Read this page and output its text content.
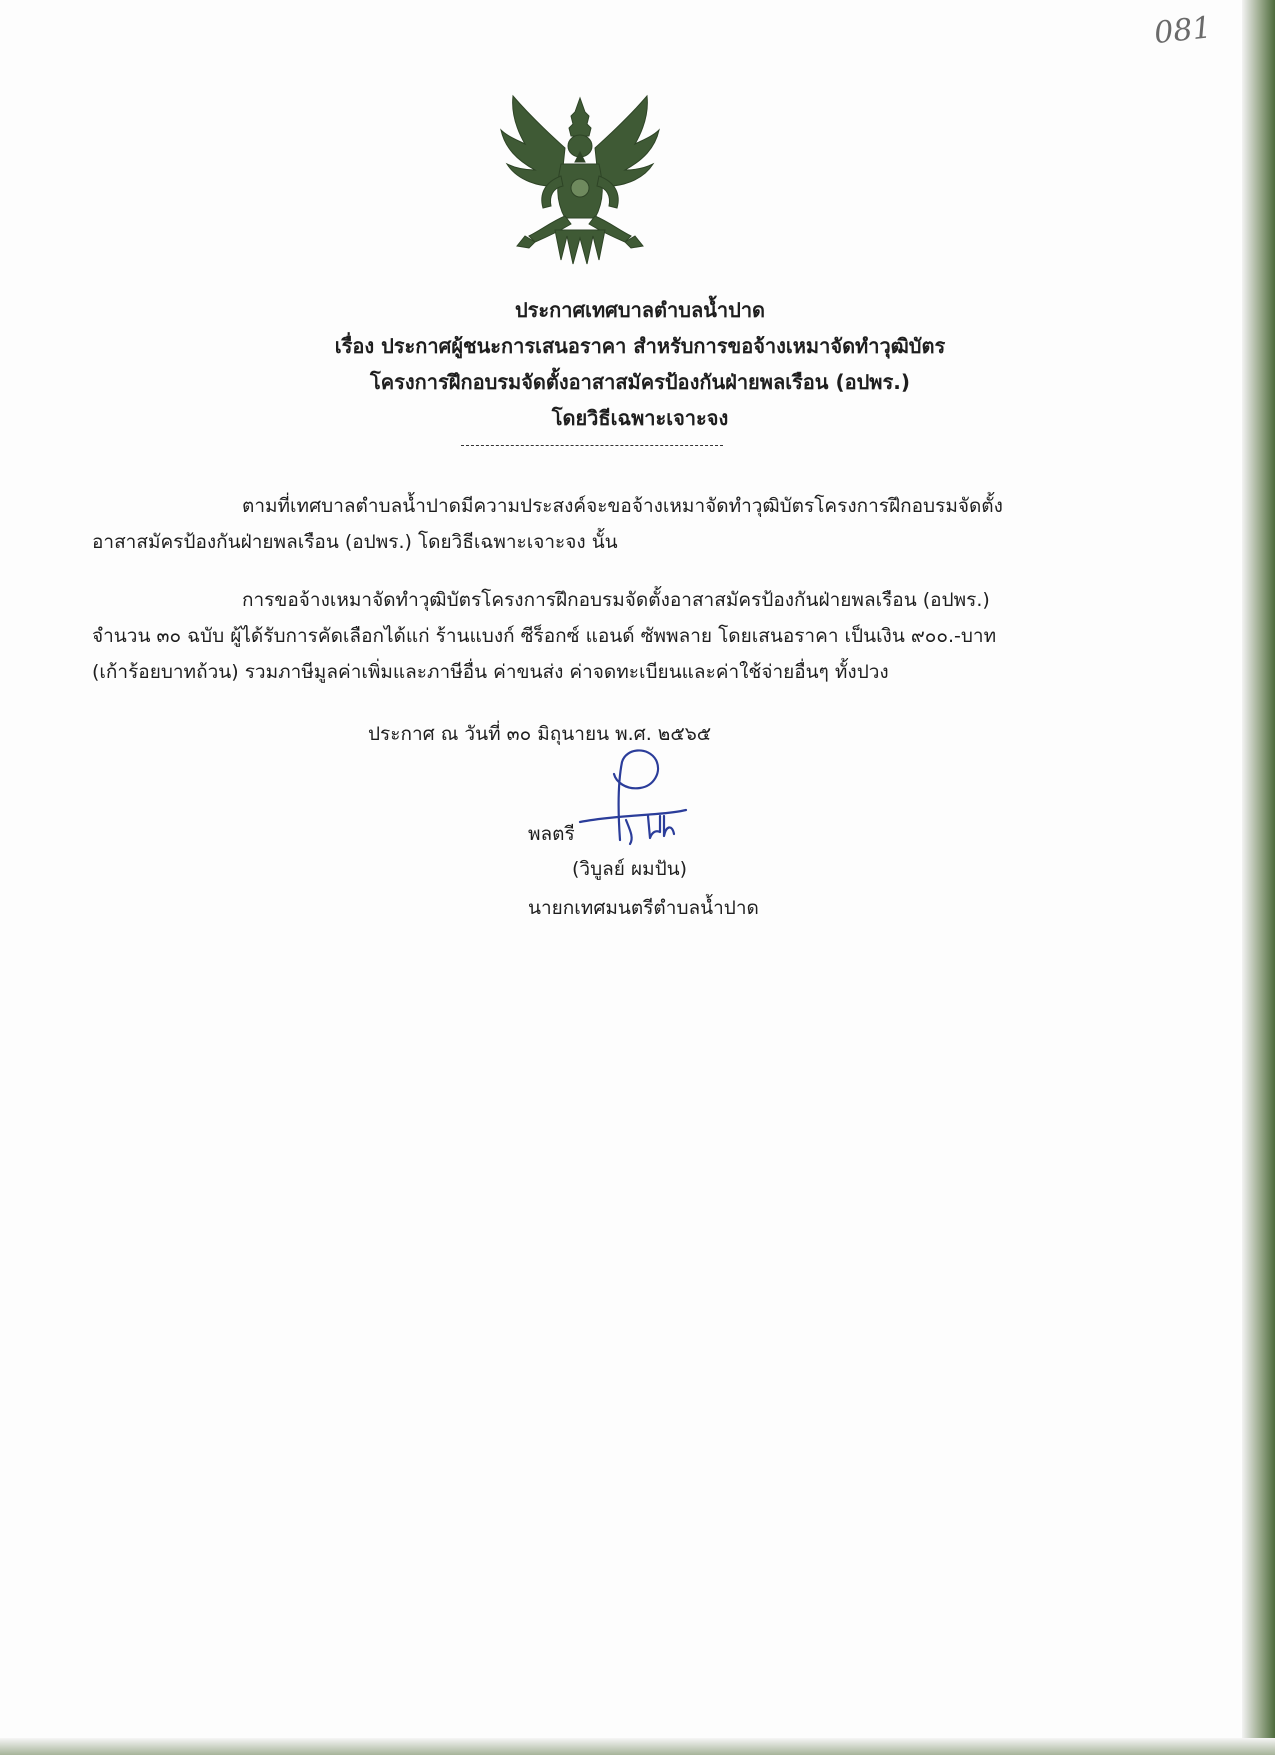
081
ประกาศเทศบาลตำบลน้ำปาด
เรื่อง ประกาศผู้ชนะการเสนอราคา สำหรับการขอจ้างเหมาจัดทำวุฒิบัตร
โครงการฝึกอบรมจัดตั้งอาสาสมัครป้องกันฝ่ายพลเรือน (อปพร.)
โดยวิธีเฉพาะเจาะจง
ตามที่เทศบาลตำบลน้ำปาดมีความประสงค์จะขอจ้างเหมาจัดทำวุฒิบัตรโครงการฝึกอบรมจัดตั้ง
อาสาสมัครป้องกันฝ่ายพลเรือน (อปพร.) โดยวิธีเฉพาะเจาะจง นั้น
การขอจ้างเหมาจัดทำวุฒิบัตรโครงการฝึกอบรมจัดตั้งอาสาสมัครป้องกันฝ่ายพลเรือน (อปพร.)
จำนวน ๓๐ ฉบับ ผู้ได้รับการคัดเลือกได้แก่ ร้านแบงก์ ซีร็อกซ์ แอนด์ ซัพพลาย โดยเสนอราคา เป็นเงิน ๙๐๐.-บาท
(เก้าร้อยบาทถ้วน) รวมภาษีมูลค่าเพิ่มและภาษีอื่น ค่าขนส่ง ค่าจดทะเบียนและค่าใช้จ่ายอื่นๆ ทั้งปวง
ประกาศ ณ วันที่ ๓๐ มิถุนายน พ.ศ. ๒๕๖๕
พลตรี
(วิบูลย์ ผมปัน)
นายกเทศมนตรีตำบลน้ำปาด
